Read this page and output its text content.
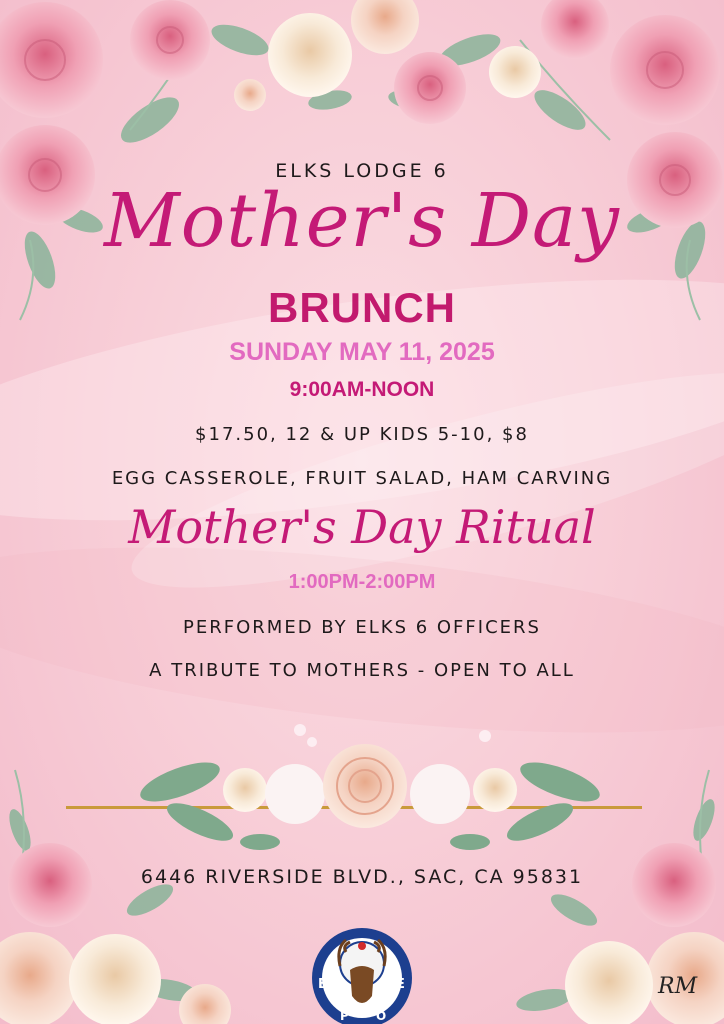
ELKS LODGE 6
Mother's Day
BRUNCH
SUNDAY MAY 11, 2025
9:00AM-NOON
$17.50, 12 & UP KIDS 5-10, $8
EGG CASSEROLE, FRUIT SALAD, HAM CARVING
Mother's Day Ritual
1:00PM-2:00PM
PERFORMED BY ELKS 6 OFFICERS
A TRIBUTE TO MOTHERS - OPEN TO ALL
6446 RIVERSIDE BLVD., SAC, CA 95831
B
P O
E	RM
